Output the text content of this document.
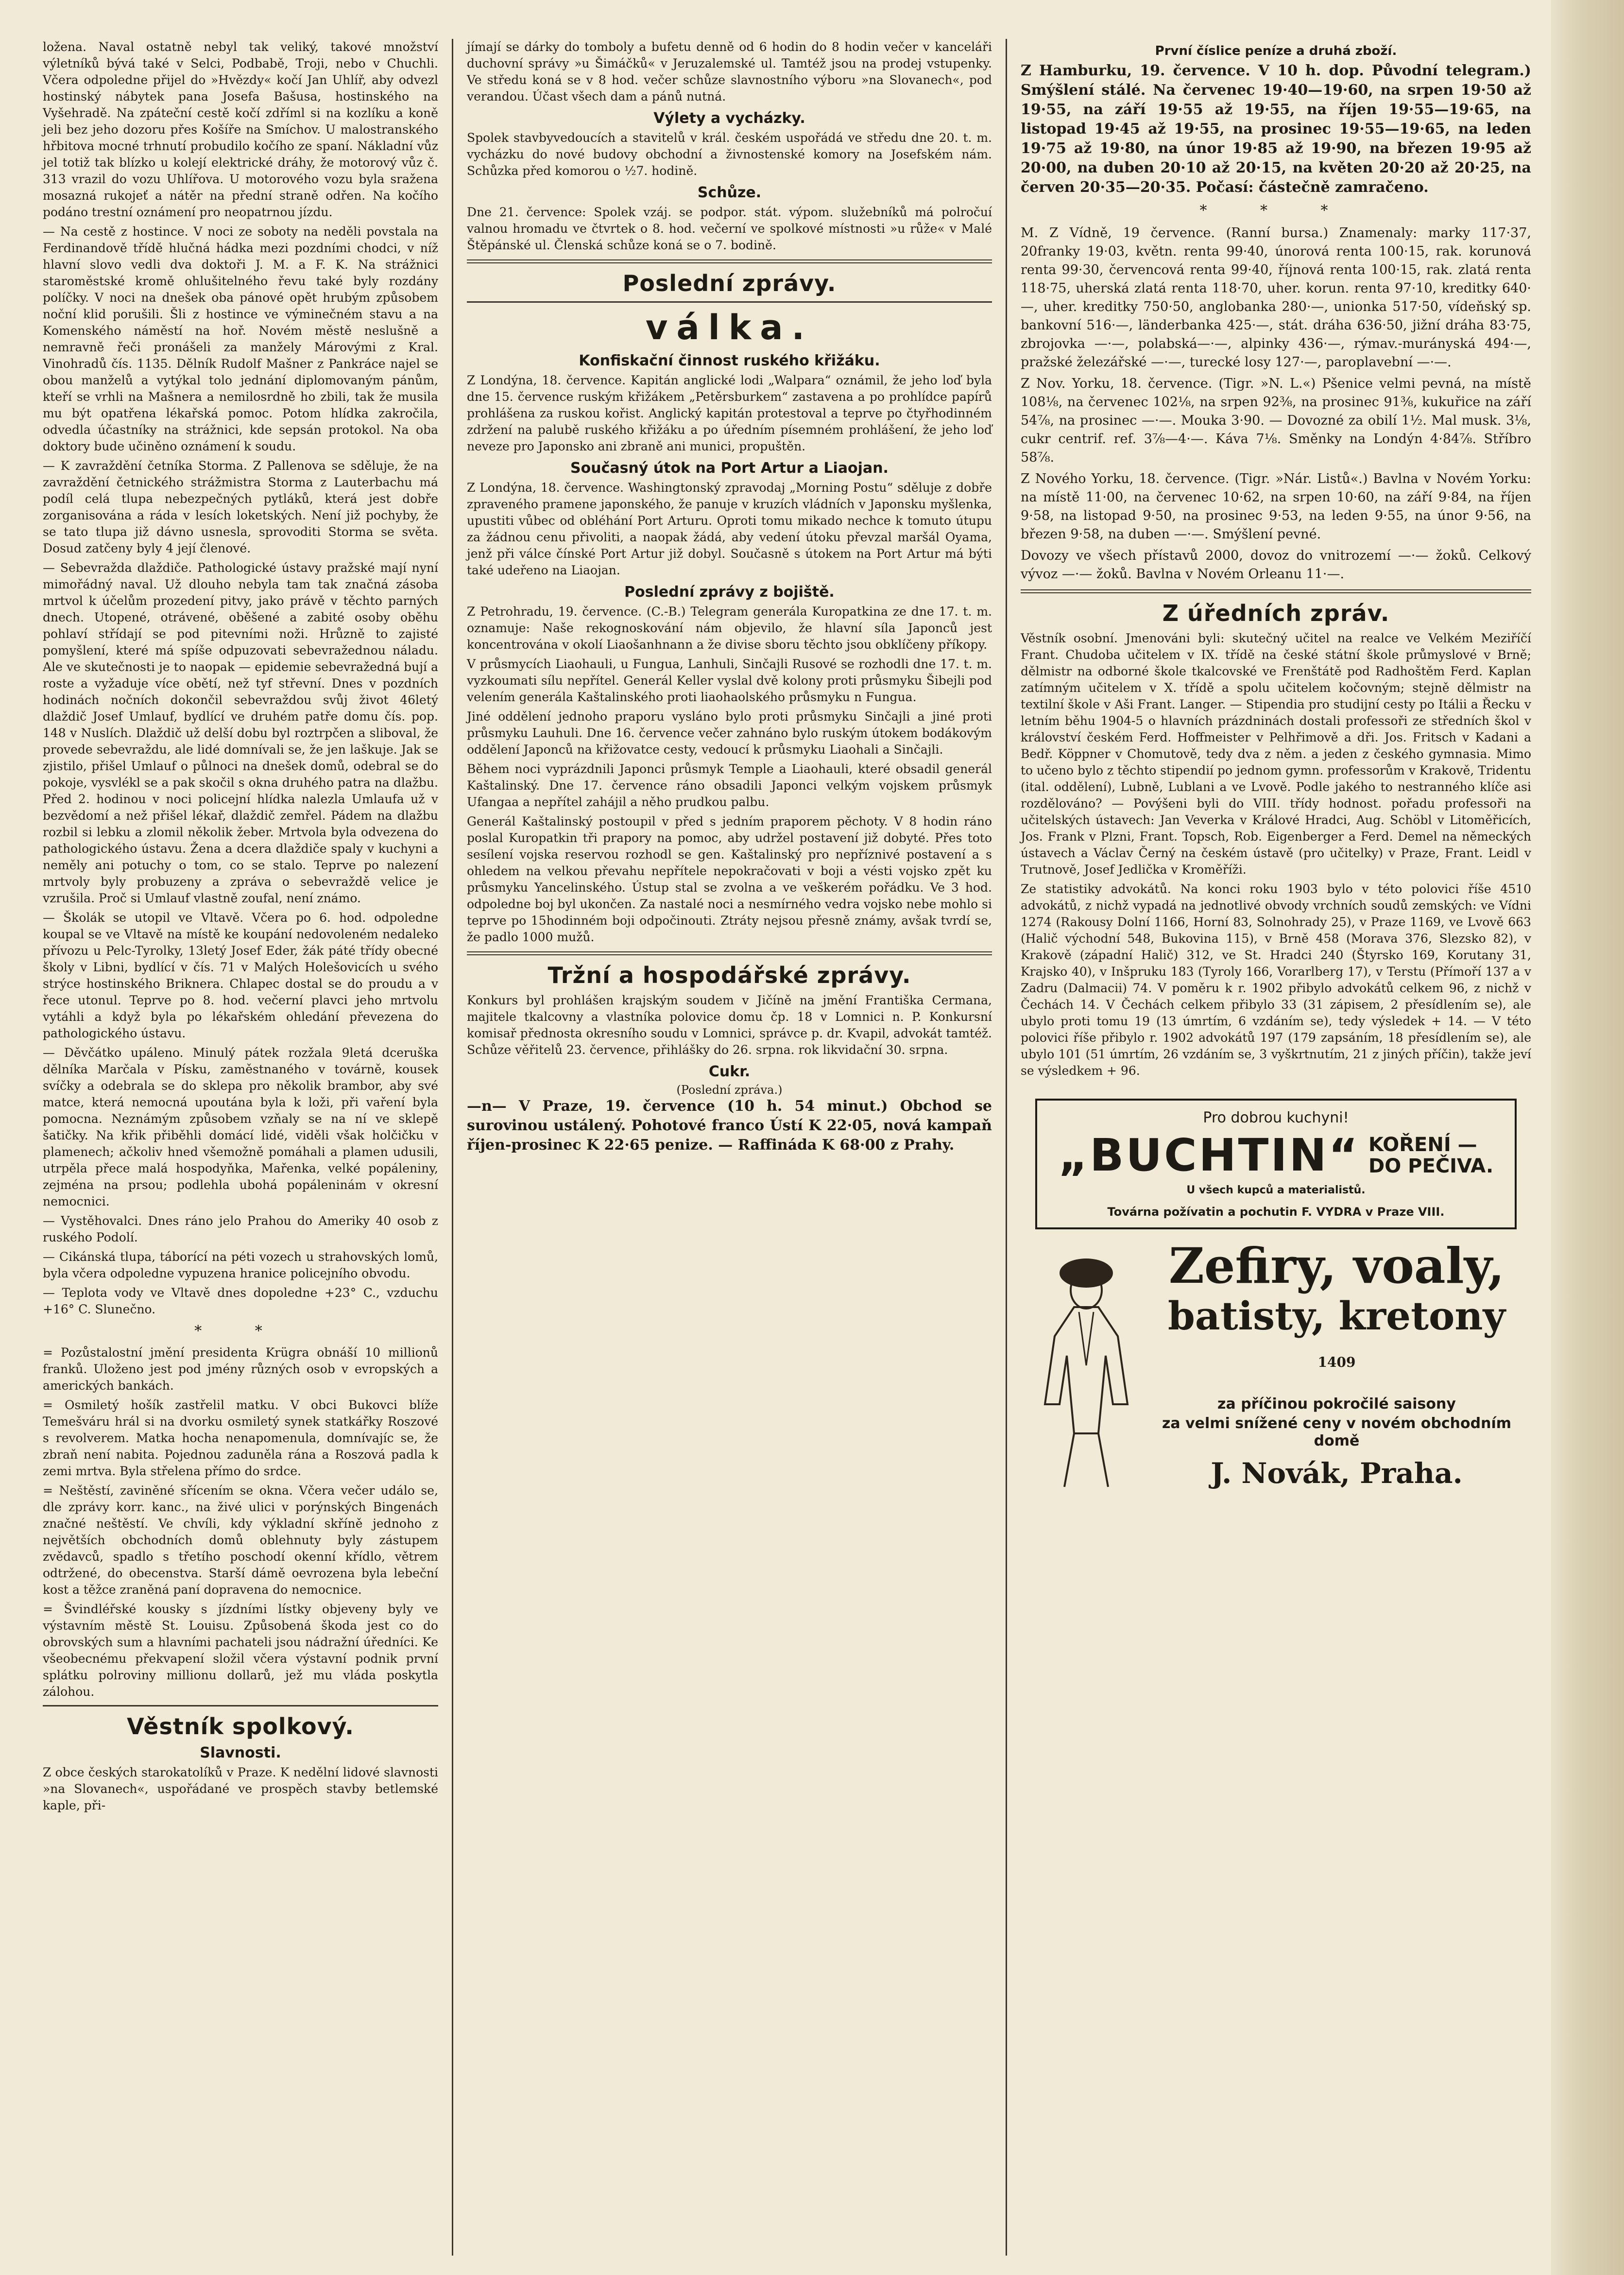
ložena. Naval ostatně nebyl tak veliký, takové množství výletníků bývá také v Selci, Podbabě, Troji, nebo v Chuchli. Včera odpoledne přijel do »Hvězdy« kočí Jan Uhlíř, aby odvezl hostinský nábytek pana Josefa Bašusa, hostinského na Vyšehradě. Na zpáteční cestě kočí zdříml si na kozlíku a koně jeli bez jeho dozoru přes Košíře na Smíchov. U malostranského hřbitova mocné trhnutí probudilo kočího ze spaní. Nákladní vůz jel totiž tak blízko u kolejí elektrické dráhy, že motorový vůz č. 313 vrazil do vozu Uhlířova. U motorového vozu byla sražena mosazná rukojeť a nátěr na přední straně odřen. Na kočího podáno trestní oznámení pro neopatrnou jízdu.

— Na cestě z hostince. V noci ze soboty na neděli povstala na Ferdinandově třídě hlučná hádka mezi pozdními chodci, v níž hlavní slovo vedli dva doktoři J. M. a F. K. Na strážnici staroměstské kromě ohlušitelného řevu také byly rozdány políčky. V noci na dnešek oba pánové opět hrubým způsobem noční klid porušili. Šli z hostince ve výminečném stavu a na Komenského náměstí na hoř. Novém městě neslušně a nemravně řeči pronášeli za manžely Márovými z Kral. Vinohradů čís. 1135. Dělník Rudolf Mašner z Pankráce najel se obou manželů a vytýkal tolo jednání diplomovaným pánům, kteří se vrhli na Mašnera a nemilosrdně ho zbili, tak že musila mu být opatřena lékařská pomoc. Potom hlídka zakročila, odvedla účastníky na strážnici, kde sepsán protokol. Na oba doktory bude učiněno oznámení k soudu.

— K zavraždění četníka Storma. Z Pallenova se sděluje, že na zavraždění četnického strážmistra Storma z Lauterbachu má podíl celá tlupa nebezpečných pytláků, která jest dobře zorganisována a ráda v lesích loketských. Není již pochyby, že se tato tlupa již dávno usnesla, sprovoditi Storma se světa. Dosud zatčeny byly 4 její členové.

— Sebevražda dlaždiče. Pathologické ústavy pražské mají nyní mimořádný naval. Už dlouho nebyla tam tak značná zásoba mrtvol k účelům prozedení pitvy, jako právě v těchto parných dnech. Utopené, otrávené, oběšené a zabité osoby oběhu pohlaví střídají se pod pitevními noži. Hrůzně to zajisté pomyšlení, které má spíše odpuzovati sebevražednou náladu. Ale ve skutečnosti je to naopak — epidemie sebevražedná bují a roste a vyžaduje více obětí, než tyf střevní. Dnes v pozdních hodinách nočních dokončil sebevraždou svůj život 46letý dlaždič Josef Umlauf, bydlící ve druhém patře domu čís. pop. 148 v Nuslích. Dlaždič už delší dobu byl roztrpčen a sliboval, že provede sebevraždu, ale lidé domnívali se, že jen laškuje. Jak se zjistilo, přišel Umlauf o půlnoci na dnešek domů, odebral se do pokoje, vysvlékl se a pak skočil s okna druhého patra na dlažbu. Před 2. hodinou v noci policejní hlídka nalezla Umlaufa už v bezvědomí a než přišel lékař, dlaždič zemřel. Pádem na dlažbu rozbil si lebku a zlomil několik žeber. Mrtvola byla odvezena do pathologického ústavu. Žena a dcera dlaždiče spaly v kuchyni a neměly ani potuchy o tom, co se stalo. Teprve po nalezení mrtvoly byly probuzeny a zpráva o sebevraždě velice je vzrušila. Proč si Umlauf vlastně zoufal, není známo.

— Školák se utopil ve Vltavě. Včera po 6. hod. odpoledne koupal se ve Vltavě na místě ke koupání nedovoleném nedaleko přívozu u Pelc-Tyrolky, 13letý Josef Eder, žák páté třídy obecné školy v Libni, bydlící v čís. 71 v Malých Holešovicích u svého strýce hostinského Briknera. Chlapec dostal se do proudu a v řece utonul. Teprve po 8. hod. večerní plavci jeho mrtvolu vytáhli a když byla po lékařském ohledání převezena do pathologického ústavu.

— Děvčátko upáleno. Minulý pátek rozžala 9letá dceruška dělníka Marčala v Písku, zaměstnaného v továrně, kousek svíčky a odebrala se do sklepa pro několik brambor, aby své matce, která nemocná upoutána byla k loži, při vaření byla pomocna. Neznámým způsobem vzňaly se na ní ve sklepě šatičky. Na křik přiběhli domácí lidé, viděli však holčičku v plamenech; ačkoliv hned všemožně pomáhali a plamen udusili, utrpěla přece malá hospodyňka, Mařenka, velké popáleniny, zejména na prsou; podlehla ubohá popáleninám v okresní nemocnici.

— Vystěhovalci. Dnes ráno jelo Prahou do Ameriky 40 osob z ruského Podolí.

— Cikánská tlupa, táborící na péti vozech u strahovských lomů, byla včera odpoledne vypuzena hranice policejního obvodu.

— Teplota vody ve Vltavě dnes dopoledne +23° C., vzduchu +16° C. Slunečno.

* *

= Pozůstalostní jmění presidenta Krügra obnáší 10 millionů franků. Uloženo jest pod jmény různých osob v evropských a amerických bankách.

= Osmiletý hošík zastřelil matku. V obci Bukovci blíže Temešváru hrál si na dvorku osmiletý synek statkářky Roszové s revolverem. Matka hocha nenapomenula, domnívajíc se, že zbraň není nabita. Pojednou zaduněla rána a Roszová padla k zemi mrtva. Byla střelena přímo do srdce.

= Neštěstí, zaviněné sřícením se okna. Včera večer událo se, dle zprávy korr. kanc., na živé ulici v porýnských Bingenách značné neštěstí. Ve chvíli, kdy výkladní skříně jednoho z největších obchodních domů oblehnuty byly zástupem zvědavců, spadlo s třetího poschodí okenní křídlo, větrem odtržené, do obecenstva. Starší dámě oevrozena byla lebeční kost a těžce zraněná paní dopravena do nemocnice.

= Švindléřské kousky s jízdními lístky objeveny byly ve výstavním městě St. Louisu. Způsobená škoda jest co do obrovských sum a hlavními pachateli jsou nádražní úředníci. Ke všeobecnému překvapení složil včera výstavní podnik první splátku polroviny millionu dollarů, jež mu vláda poskytla zálohou.

Věstník spolkový.
Slavnosti.

Z obce českých starokatolíků v Praze. K nedělní lidové slavnosti »na Slovanech«, uspořádané ve prospěch stavby betlemské kaple, při-

jímají se dárky do tomboly a bufetu denně od 6 hodin do 8 hodin večer v kanceláři duchovní správy »u Šimáčků« v Jeruzalemské ul. Tamtéž jsou na prodej vstupenky. Ve středu koná se v 8 hod. večer schůze slavnostního výboru »na Slovanech«, pod verandou. Účast všech dam a pánů nutná.

Výlety a vycházky.

Spolek stavbyvedoucích a stavitelů v král. českém uspořádá ve středu dne 20. t. m. vycházku do nové budovy obchodní a živnostenské komory na Josefském nám. Schůzka před komorou o ½7. hodině.

Schůze.

Dne 21. července: Spolek vzáj. se podpor. stát. výpom. služebníků má polročuí valnou hromadu ve čtvrtek o 8. hod. večerní ve spolkové místnosti »u růže« v Malé Štěpánské ul. Členská schůze koná se o 7. bodině.

Poslední zprávy.
válka.
Konfiskační činnost ruského křižáku.

Z Londýna, 18. července. Kapitán anglické lodi „Walpara“ oznámil, že jeho loď byla dne 15. července ruským křižákem „Petěrsburkem“ zastavena a po prohlídce papírů prohlášena za ruskou kořist. Anglický kapitán protestoval a teprve po čtyřhodinném zdržení na palubě ruského křižáku a po úředním písemném prohlášení, že jeho loď neveze pro Japonsko ani zbraně ani munici, propuštěn.

Současný útok na Port Artur a Liaojan.

Z Londýna, 18. července. Washingtonský zpravodaj „Morning Postu“ sděluje z dobře zpraveného pramene japonského, že panuje v kruzích vládních v Japonsku myšlenka, upustiti vůbec od obléhání Port Arturu. Oproti tomu mikado nechce k tomuto útupu za žádnou cenu přivoliti, a naopak žádá, aby vedení útoku převzal maršál Oyama, jenž při válce čínské Port Artur již dobyl. Současně s útokem na Port Artur má býti také udeřeno na Liaojan.

Poslední zprávy z bojiště.

Z Petrohradu, 19. července. (C.-B.) Telegram generála Kuropatkina ze dne 17. t. m. oznamuje: Naše rekognoskování nám objevilo, že hlavní síla Japonců jest koncentrována v okolí Liaošanhnann a že divise sboru těchto jsou obklíčeny příkopy.

V průsmycích Liaohauli, u Fungua, Lanhuli, Sinčajli Rusové se rozhodli dne 17. t. m. vyzkoumati sílu nepřítel. Generál Keller vyslal dvě kolony proti průsmyku Šibejli pod velením generála Kaštalinského proti liaohaolského průsmyku n Fungua.

Jiné oddělení jednoho praporu vysláno bylo proti průsmyku Sinčajli a jiné proti průsmyku Lauhuli. Dne 16. července večer zahnáno bylo ruským útokem bodákovým oddělení Japonců na křižovatce cesty, vedoucí k průsmyku Liaohali a Sinčajli.

Během noci vyprázdnili Japonci průsmyk Temple a Liaohauli, které obsadil generál Kaštalinský. Dne 17. července ráno obsadili Japonci velkým vojskem průsmyk Ufangaa a nepřítel zahájil a něho prudkou palbu.

Generál Kaštalinský postoupil v před s jedním praporem pěchoty. V 8 hodin ráno poslal Kuropatkin tři prapory na pomoc, aby udržel postavení již dobyté. Přes toto sesílení vojska reservou rozhodl se gen. Kaštalinský pro nepříznivé postavení a s ohledem na velkou převahu nepřítele nepokračovati v boji a vésti vojsko zpět ku průsmyku Yancelinského. Ústup stal se zvolna a ve veškerém pořádku. Ve 3 hod. odpoledne boj byl ukončen. Za nastalé noci a nesmírného vedra vojsko nebe mohlo si teprve po 15hodinném boji odpočinouti. Ztráty nejsou přesně známy, avšak tvrdí se, že padlo 1000 mužů.

Tržní a hospodářské zprávy.

Konkurs byl prohlášen krajským soudem v Jičíně na jmění Františka Cermana, majitele tkalcovny a vlastníka polovice domu čp. 18 v Lomnici n. P. Konkursní komisař přednosta okresního soudu v Lomnici, správce p. dr. Kvapil, advokát tamtéž. Schůze věřitelů 23. července, přihlášky do 26. srpna. rok likvidační 30. srpna.

Cukr.
(Poslední zpráva.)

—n— V Praze, 19. července (10 h. 54 minut.) Obchod se surovinou ustálený. Pohotové franco Ústí K 22·05, nová kampaň říjen-prosinec K 22·65 penize. — Raffináda K 68·00 z Prahy.

První číslice peníze a druhá zboží.

Z Hamburku, 19. července. V 10 h. dop. Původní telegram.) Smýšlení stálé. Na červenec 19·40—19·60, na srpen 19·50 až 19·55, na září 19·55 až 19·55, na říjen 19·55—19·65, na listopad 19·45 až 19·55, na prosinec 19·55—19·65, na leden 19·75 až 19·80, na únor 19·85 až 19·90, na březen 19·95 až 20·00, na duben 20·10 až 20·15, na květen 20·20 až 20·25, na červen 20·35—20·35. Počasí: částečně zamračeno.

* * *

M. Z Vídně, 19 července. (Ranní bursa.) Znamenaly: marky 117·37, 20franky 19·03, květn. renta 99·40, únorová renta 100·15, rak. korunová renta 99·30, červencová renta 99·40, říjnová renta 100·15, rak. zlatá renta 118·75, uherská zlatá renta 118·70, uher. korun. renta 97·10, kreditky 640·—, uher. kreditky 750·50, anglobanka 280·—, unionka 517·50, vídeňský sp. bankovní 516·—, länderbanka 425·—, stát. dráha 636·50, jižní dráha 83·75, zbrojovka —·—, polabská—·—, alpinky 436·—, rýmav.-murányská 494·—, pražské železářské —·—, turecké losy 127·—, paroplavební —·—.

Z Nov. Yorku, 18. července. (Tigr. »N. L.«) Pšenice velmi pevná, na místě 108⅛, na červenec 102⅛, na srpen 92⅜, na prosinec 91⅜, kukuřice na září 54⅞, na prosinec —·—. Mouka 3·90. — Dovozné za obilí 1½. Mal musk. 3⅛, cukr centrif. ref. 3⅞—4·—. Káva 7⅛. Směnky na Londýn 4·84⅞. Stříbro 58⅞.

Z Nového Yorku, 18. července. (Tigr. »Nár. Listů«.) Bavlna v Novém Yorku: na místě 11·00, na červenec 10·62, na srpen 10·60, na září 9·84, na říjen 9·58, na listopad 9·50, na prosinec 9·53, na leden 9·55, na únor 9·56, na březen 9·58, na duben —·—. Smýšlení pevné.

Dovozy ve všech přístavů 2000, dovoz do vnitrozemí —·— žoků. Celkový vývoz —·— žoků. Bavlna v Novém Orleanu 11·—.

Z úředních zpráv.

Věstník osobní. Jmenováni byli: skutečný učitel na realce ve Velkém Meziříčí Frant. Chudoba učitelem v IX. třídě na české státní škole průmyslové v Brně; dělmistr na odborné škole tkalcovské ve Frenštátě pod Radhoštěm Ferd. Kaplan zatímným učitelem v X. třídě a spolu učitelem kočovným; stejně dělmistr na textilní škole v Aši Frant. Langer. — Stipendia pro studijní cesty po Itálii a Řecku v letním běhu 1904-5 o hlavních prázdninách dostali professoři ze středních škol v království českém Ferd. Hoffmeister v Pelhřimově a dři. Jos. Fritsch v Kadani a Bedř. Köppner v Chomutově, tedy dva z něm. a jeden z českého gymnasia. Mimo to učeno bylo z těchto stipendií po jednom gymn. professorům v Krakově, Tridentu (ital. oddělení), Lubně, Lublani a ve Lvově. Podle jakého to nestranného klíče asi rozdělováno? — Povýšeni byli do VIII. třídy hodnost. pořadu professoři na učitelských ústavech: Jan Veverka v Králové Hradci, Aug. Schöbl v Litoměřicích, Jos. Frank v Plzni, Frant. Topsch, Rob. Eigenberger a Ferd. Demel na německých ústavech a Václav Černý na českém ústavě (pro učitelky) v Praze, Frant. Leidl v Trutnově, Josef Jedlička v Kroměříži.

Ze statistiky advokátů. Na konci roku 1903 bylo v této polovici říše 4510 advokátů, z nichž vypadá na jednotlivé obvody vrchních soudů zemských: ve Vídni 1274 (Rakousy Dolní 1166, Horní 83, Solnohrady 25), v Praze 1169, ve Lvově 663 (Halič východní 548, Bukovina 115), v Brně 458 (Morava 376, Slezsko 82), v Krakově (západní Halič) 312, ve St. Hradci 240 (Štyrsko 169, Korutany 31, Krajsko 40), v Inšpruku 183 (Tyroly 166, Vorarlberg 17), v Terstu (Přímoří 137 a v Zadru (Dalmacii) 74. V poměru k r. 1902 přibylo advokátů celkem 96, z nichž v Čechách 14. V Čechách celkem přibylo 33 (31 zápisem, 2 přesídlením se), ale ubylo proti tomu 19 (13 úmrtím, 6 vzdáním se), tedy výsledek + 14. — V této polovici říše přibylo r. 1902 advokátů 197 (179 zapsáním, 18 přesídlením se), ale ubylo 101 (51 úmrtím, 26 vzdáním se, 3 vyškrtnutím, 21 z jiných příčin), takže jeví se výsledkem + 96.

Pro dobrou kuchyni!
„BUCHTIN“ KOŘENÍ —
DO PEČIVA.
U všech kupců a materialistů.
Továrna požívatin a pochutin F. VYDRA v Praze VIII.
Zefiry, voaly,
batisty, kretony $^{1409}$
za příčinou pokročilé saisony
za velmi snížené ceny v novém obchodním domě
J. Novák, Praha.
